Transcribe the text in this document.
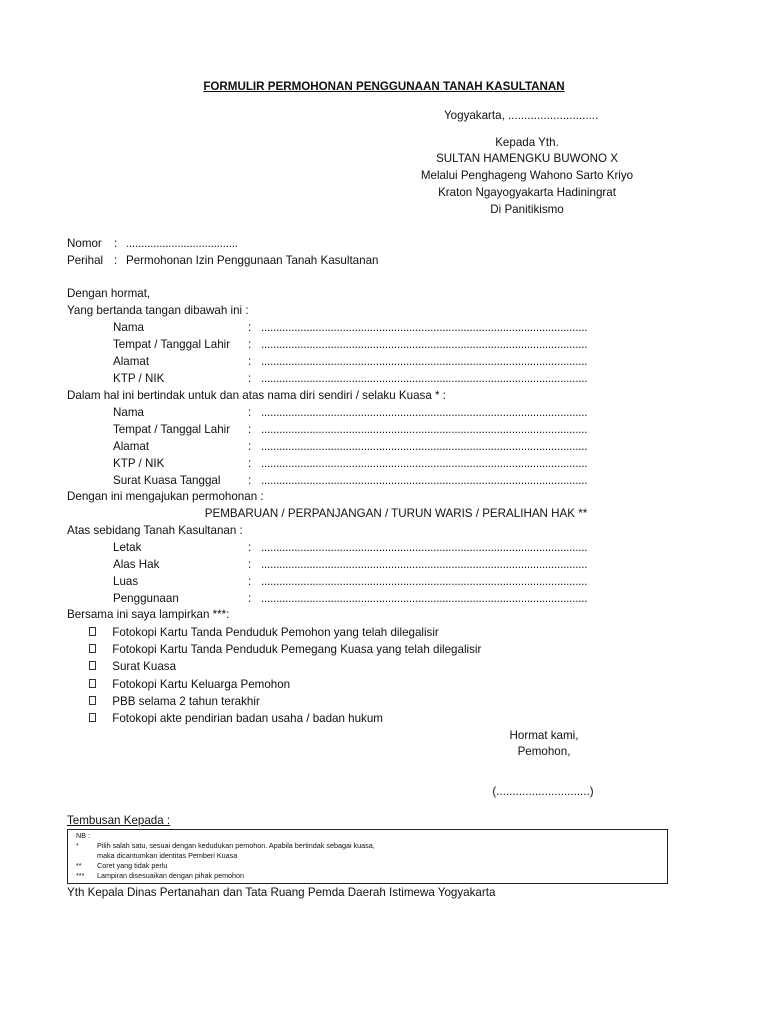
FORMULIR PERMOHONAN PENGGUNAAN TANAH KASULTANAN
Yogyakarta, ............................
Kepada Yth.
SULTAN HAMENGKU BUWONO X
Melalui Penghageng Wahono Sarto Kriyo
Kraton Ngayogyakarta Hadiningrat
Di Panitikismo
Nomor : .....................................
Perihal : Permohonan Izin Penggunaan Tanah Kasultanan
Dengan hormat,
Yang bertanda tangan dibawah ini :
Nama	: ............................................................................................................
Tempat / Tanggal Lahir : ............................................................................................................
Alamat	: ............................................................................................................
KTP / NIK	: ............................................................................................................
Dalam hal ini bertindak untuk dan atas nama diri sendiri / selaku Kuasa * :
Nama	: ............................................................................................................
Tempat / Tanggal Lahir : ............................................................................................................
Alamat	: ............................................................................................................
KTP / NIK	: ............................................................................................................
Surat Kuasa Tanggal : ............................................................................................................
Dengan ini mengajukan permohonan :
PEMBARUAN / PERPANJANGAN / TURUN WARIS / PERALIHAN HAK **
Atas sebidang Tanah Kasultanan :
Letak	: ............................................................................................................
Alas Hak	: ............................................................................................................
Luas	: ............................................................................................................
Penggunaan	: ............................................................................................................
Bersama ini saya lampirkan ***:
Fotokopi Kartu Tanda Penduduk Pemohon yang telah dilegalisir
Fotokopi Kartu Tanda Penduduk Pemegang Kuasa yang telah dilegalisir
Surat Kuasa
Fotokopi Kartu Keluarga Pemohon
PBB selama 2 tahun terakhir
Fotokopi akte pendirian badan usaha / badan hukum
Hormat kami,
Pemohon,
(.............................)
Tembusan Kepada :
NB :
*	Pilih salah satu, sesuai dengan kedudukan pemohon. Apabila bertindak sebagai kuasa,
maka dicantumkan identitas Pemberi Kuasa
** Coret yang tidak perlu
*** Lampiran disesuaikan dengan pihak pemohon
Yth Kepala Dinas Pertanahan dan Tata Ruang Pemda Daerah Istimewa Yogyakarta
